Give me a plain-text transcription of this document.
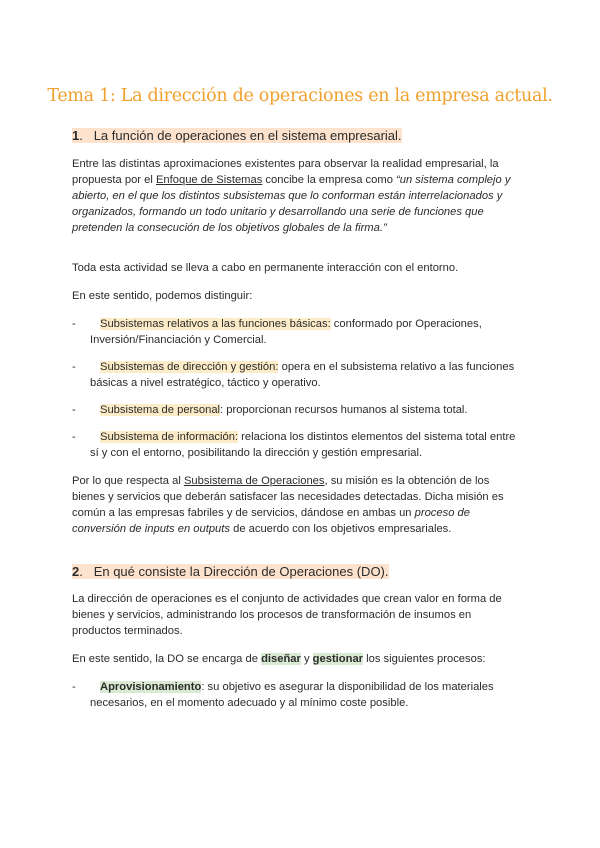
Tema 1: La dirección de operaciones en la empresa actual.
1.   La función de operaciones en el sistema empresarial.

Entre las distintas aproximaciones existentes para observar la realidad empresarial, la propuesta por el Enfoque de Sistemas concibe la empresa como “un sistema complejo y abierto, en el que los distintos subsistemas que lo conforman están interrelacionados y organizados, formando un todo unitario y desarrollando una serie de funciones que pretenden la consecución de los objetivos globales de la firma.”

Toda esta actividad se lleva a cabo en permanente interacción con el entorno.

En este sentido, podemos distinguir:

-	Subsistemas relativos a las funciones básicas: conformado por Operaciones, Inversión/Financiación y Comercial.
-	Subsistemas de dirección y gestión: opera en el subsistema relativo a las funciones básicas a nivel estratégico, táctico y operativo.
-	Subsistema de personal: proporcionan recursos humanos al sistema total.
-	Subsistema de información: relaciona los distintos elementos del sistema total entre sí y con el entorno, posibilitando la dirección y gestión empresarial.

Por lo que respecta al Subsistema de Operaciones, su misión es la obtención de los bienes y servicios que deberán satisfacer las necesidades detectadas. Dicha misión es común a las empresas fabriles y de servicios, dándose en ambas un proceso de conversión de inputs en outputs de acuerdo con los objetivos empresariales.

2.   En qué consiste la Dirección de Operaciones (DO).

La dirección de operaciones es el conjunto de actividades que crean valor en forma de bienes y servicios, administrando los procesos de transformación de insumos en productos terminados.

En este sentido, la DO se encarga de diseñar y gestionar los siguientes procesos:

-	Aprovisionamiento: su objetivo es asegurar la disponibilidad de los materiales necesarios, en el momento adecuado y al mínimo coste posible.
